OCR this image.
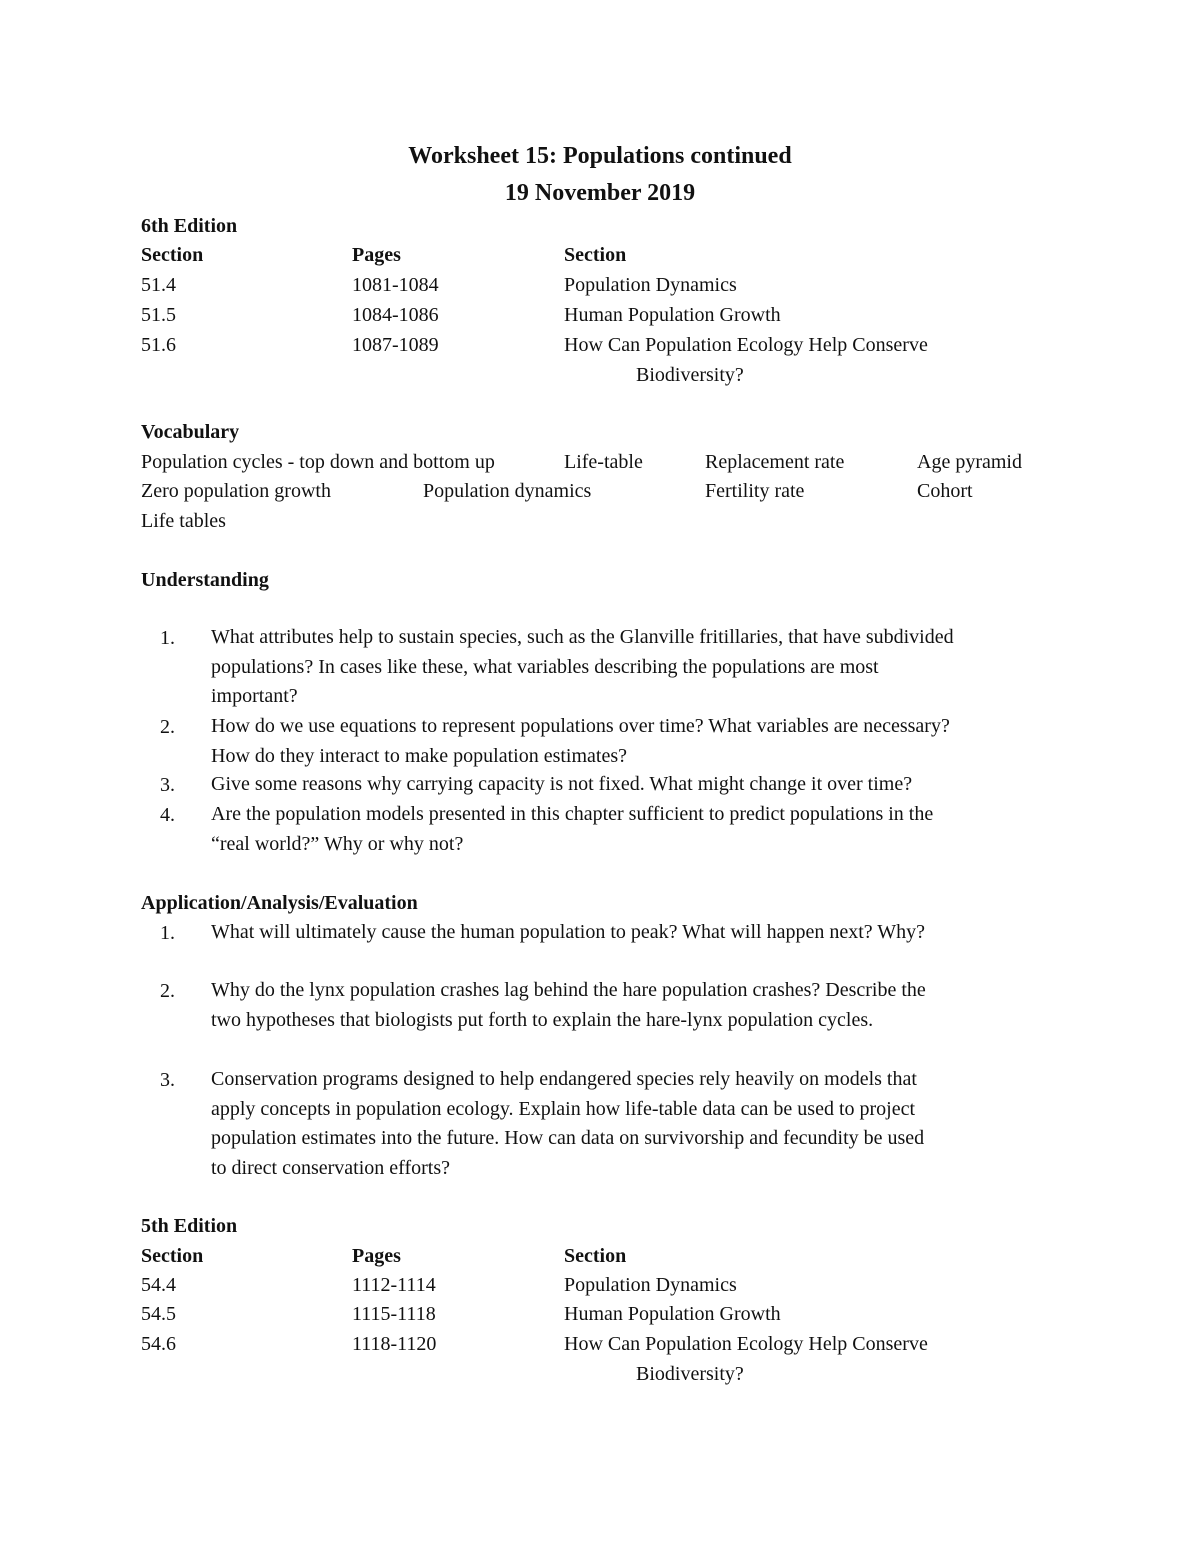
Worksheet 15: Populations continued
19 November 2019
6th Edition
Section	Pages	Section
51.4	1081-1084	Population Dynamics
51.5	1084-1086	Human Population Growth
51.6	1087-1089	How Can Population Ecology Help Conserve
Biodiversity?
Vocabulary
Population cycles - top down and bottom up	Life-table	Replacement rate	Age pyramid
Zero population growth	Population dynamics	Fertility rate	Cohort
Life tables
Understanding
1.	What attributes help to sustain species, such as the Glanville fritillaries, that have subdivided
populations? In cases like these, what variables describing the populations are most
important?
2.	How do we use equations to represent populations over time? What variables are necessary?
How do they interact to make population estimates?
3.	Give some reasons why carrying capacity is not fixed. What might change it over time?
4.	Are the population models presented in this chapter sufficient to predict populations in the
“real world?” Why or why not?
Application/Analysis/Evaluation
1.	What will ultimately cause the human population to peak? What will happen next? Why?
2.	Why do the lynx population crashes lag behind the hare population crashes? Describe the
two hypotheses that biologists put forth to explain the hare-lynx population cycles.
3.	Conservation programs designed to help endangered species rely heavily on models that
apply concepts in population ecology. Explain how life-table data can be used to project
population estimates into the future. How can data on survivorship and fecundity be used
to direct conservation efforts?
5th Edition
Section	Pages	Section
54.4	1112-1114	Population Dynamics
54.5	1115-1118	Human Population Growth
54.6	1118-1120	How Can Population Ecology Help Conserve
Biodiversity?
